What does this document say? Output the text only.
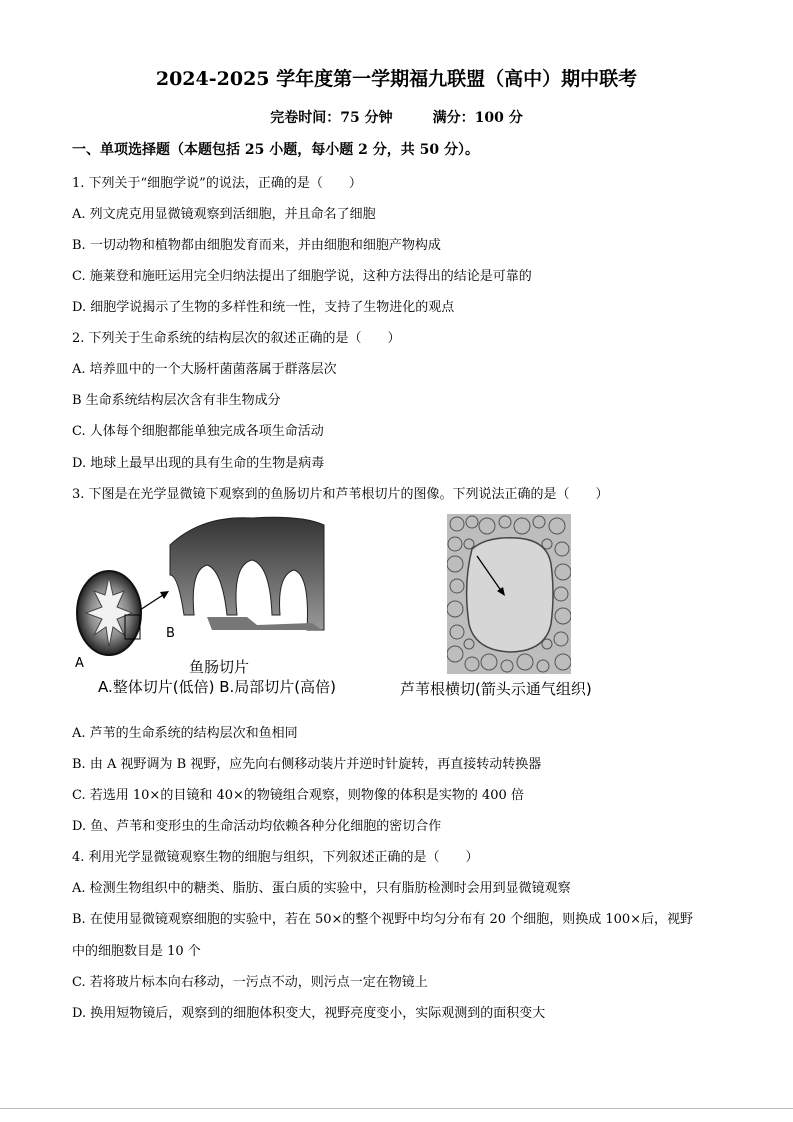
2024-2025 学年度第一学期福九联盟（高中）期中联考
完卷时间：75 分钟	满分：100 分
一、单项选择题（本题包括 25 小题，每小题 2 分，共 50 分）。
1. 下列关于“细胞学说”的说法，正确的是（　　）
A. 列文虎克用显微镜观察到活细胞，并且命名了细胞
B. 一切动物和植物都由细胞发育而来，并由细胞和细胞产物构成
C. 施莱登和施旺运用完全归纳法提出了细胞学说，这种方法得出的结论是可靠的
D. 细胞学说揭示了生物的多样性和统一性，支持了生物进化的观点
2. 下列关于生命系统的结构层次的叙述正确的是（　　）
A. 培养皿中的一个大肠杆菌菌落属于群落层次
B 生命系统结构层次含有非生物成分
C. 人体每个细胞都能单独完成各项生命活动
D. 地球上最早出现的具有生命的生物是病毒
3. 下图是在光学显微镜下观察到的鱼肠切片和芦苇根切片的图像。下列说法正确的是（　　）
A
B
鱼肠切片
A.整体切片(低倍) B.局部切片(高倍)	芦苇根横切(箭头示通气组织)
A. 芦苇的生命系统的结构层次和鱼相同
B. 由 A 视野调为 B 视野，应先向右侧移动装片并逆时针旋转，再直接转动转换器
C. 若选用 10×的目镜和 40×的物镜组合观察，则物像的体积是实物的 400 倍
D. 鱼、芦苇和变形虫的生命活动均依赖各种分化细胞的密切合作
4. 利用光学显微镜观察生物的细胞与组织，下列叙述正确的是（　　）
A. 检测生物组织中的糖类、脂肪、蛋白质的实验中，只有脂肪检测时会用到显微镜观察
B. 在使用显微镜观察细胞的实验中，若在 50×的整个视野中均匀分布有 20 个细胞，则换成 100×后，视野
中的细胞数目是 10 个
C. 若将玻片标本向右移动，一污点不动，则污点一定在物镜上
D. 换用短物镜后，观察到的细胞体积变大，视野亮度变小，实际观测到的面积变大
